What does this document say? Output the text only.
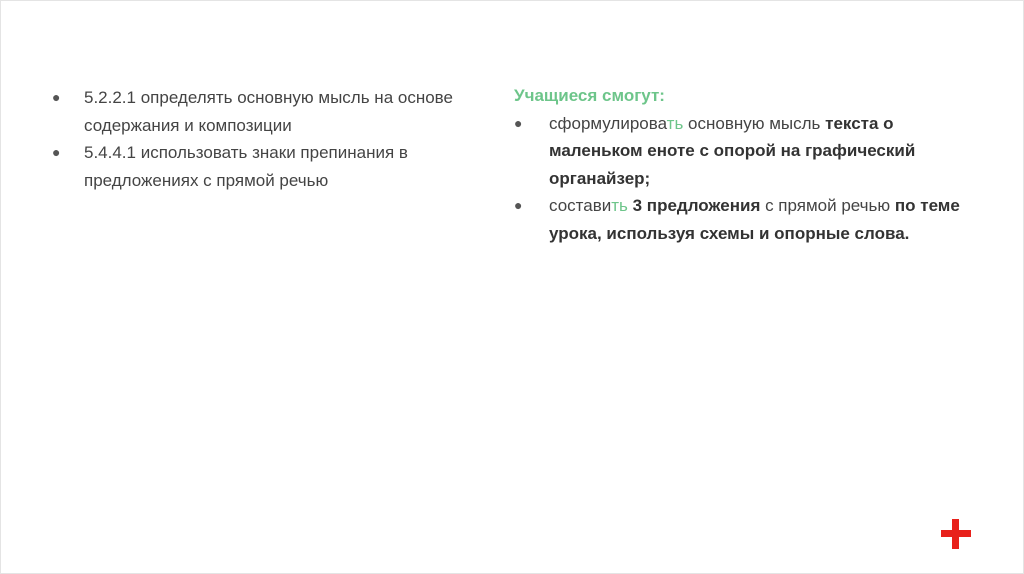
● 5.2.2.1 определять основную мысль на основе содержания и композиции
● 5.4.4.1 использовать знаки препинания в предложениях с прямой речью

Учащиеся смогут:

● сформулировать основную мысль текста о маленьком еноте с опорой на графический органайзер;
● составить 3 предложения с прямой речью по теме урока, используя схемы и опорные слова.
